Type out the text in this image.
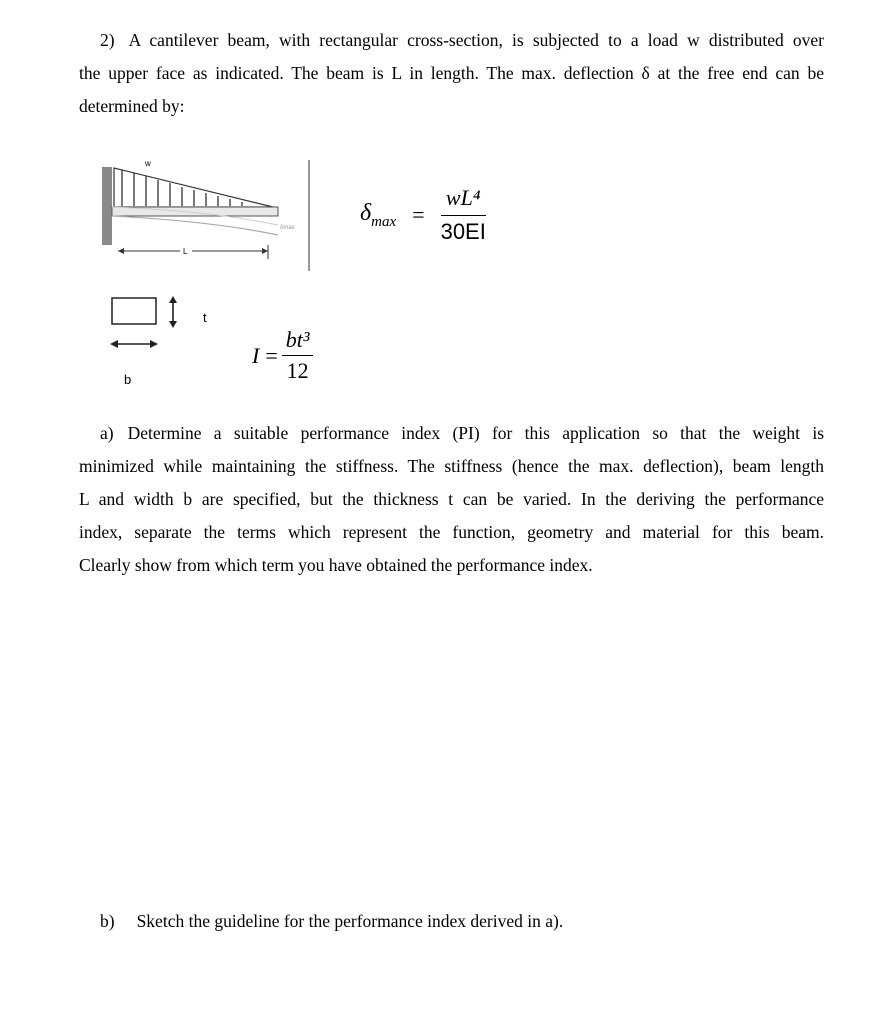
2) A cantilever beam, with rectangular cross-section, is subjected to a load w distributed over
the upper face as indicated. The beam is L in length. The max. deflection δ at the free end can be
determined by:
w
δmax
L
$\delta_{max} = \frac{\text{wL⁴}}{30EI}$
t
b
$I = \frac{\text{bt³}}{12}$
a) Determine a suitable performance index (PI) for this application so that the weight is
minimized while maintaining the stiffness. The stiffness (hence the max. deflection), beam length
L and width b are specified, but the thickness t can be varied. In the deriving the performance
index, separate the terms which represent the function, geometry and material for this beam.
Clearly show from which term you have obtained the performance index.
b) Sketch the guideline for the performance index derived in a).
